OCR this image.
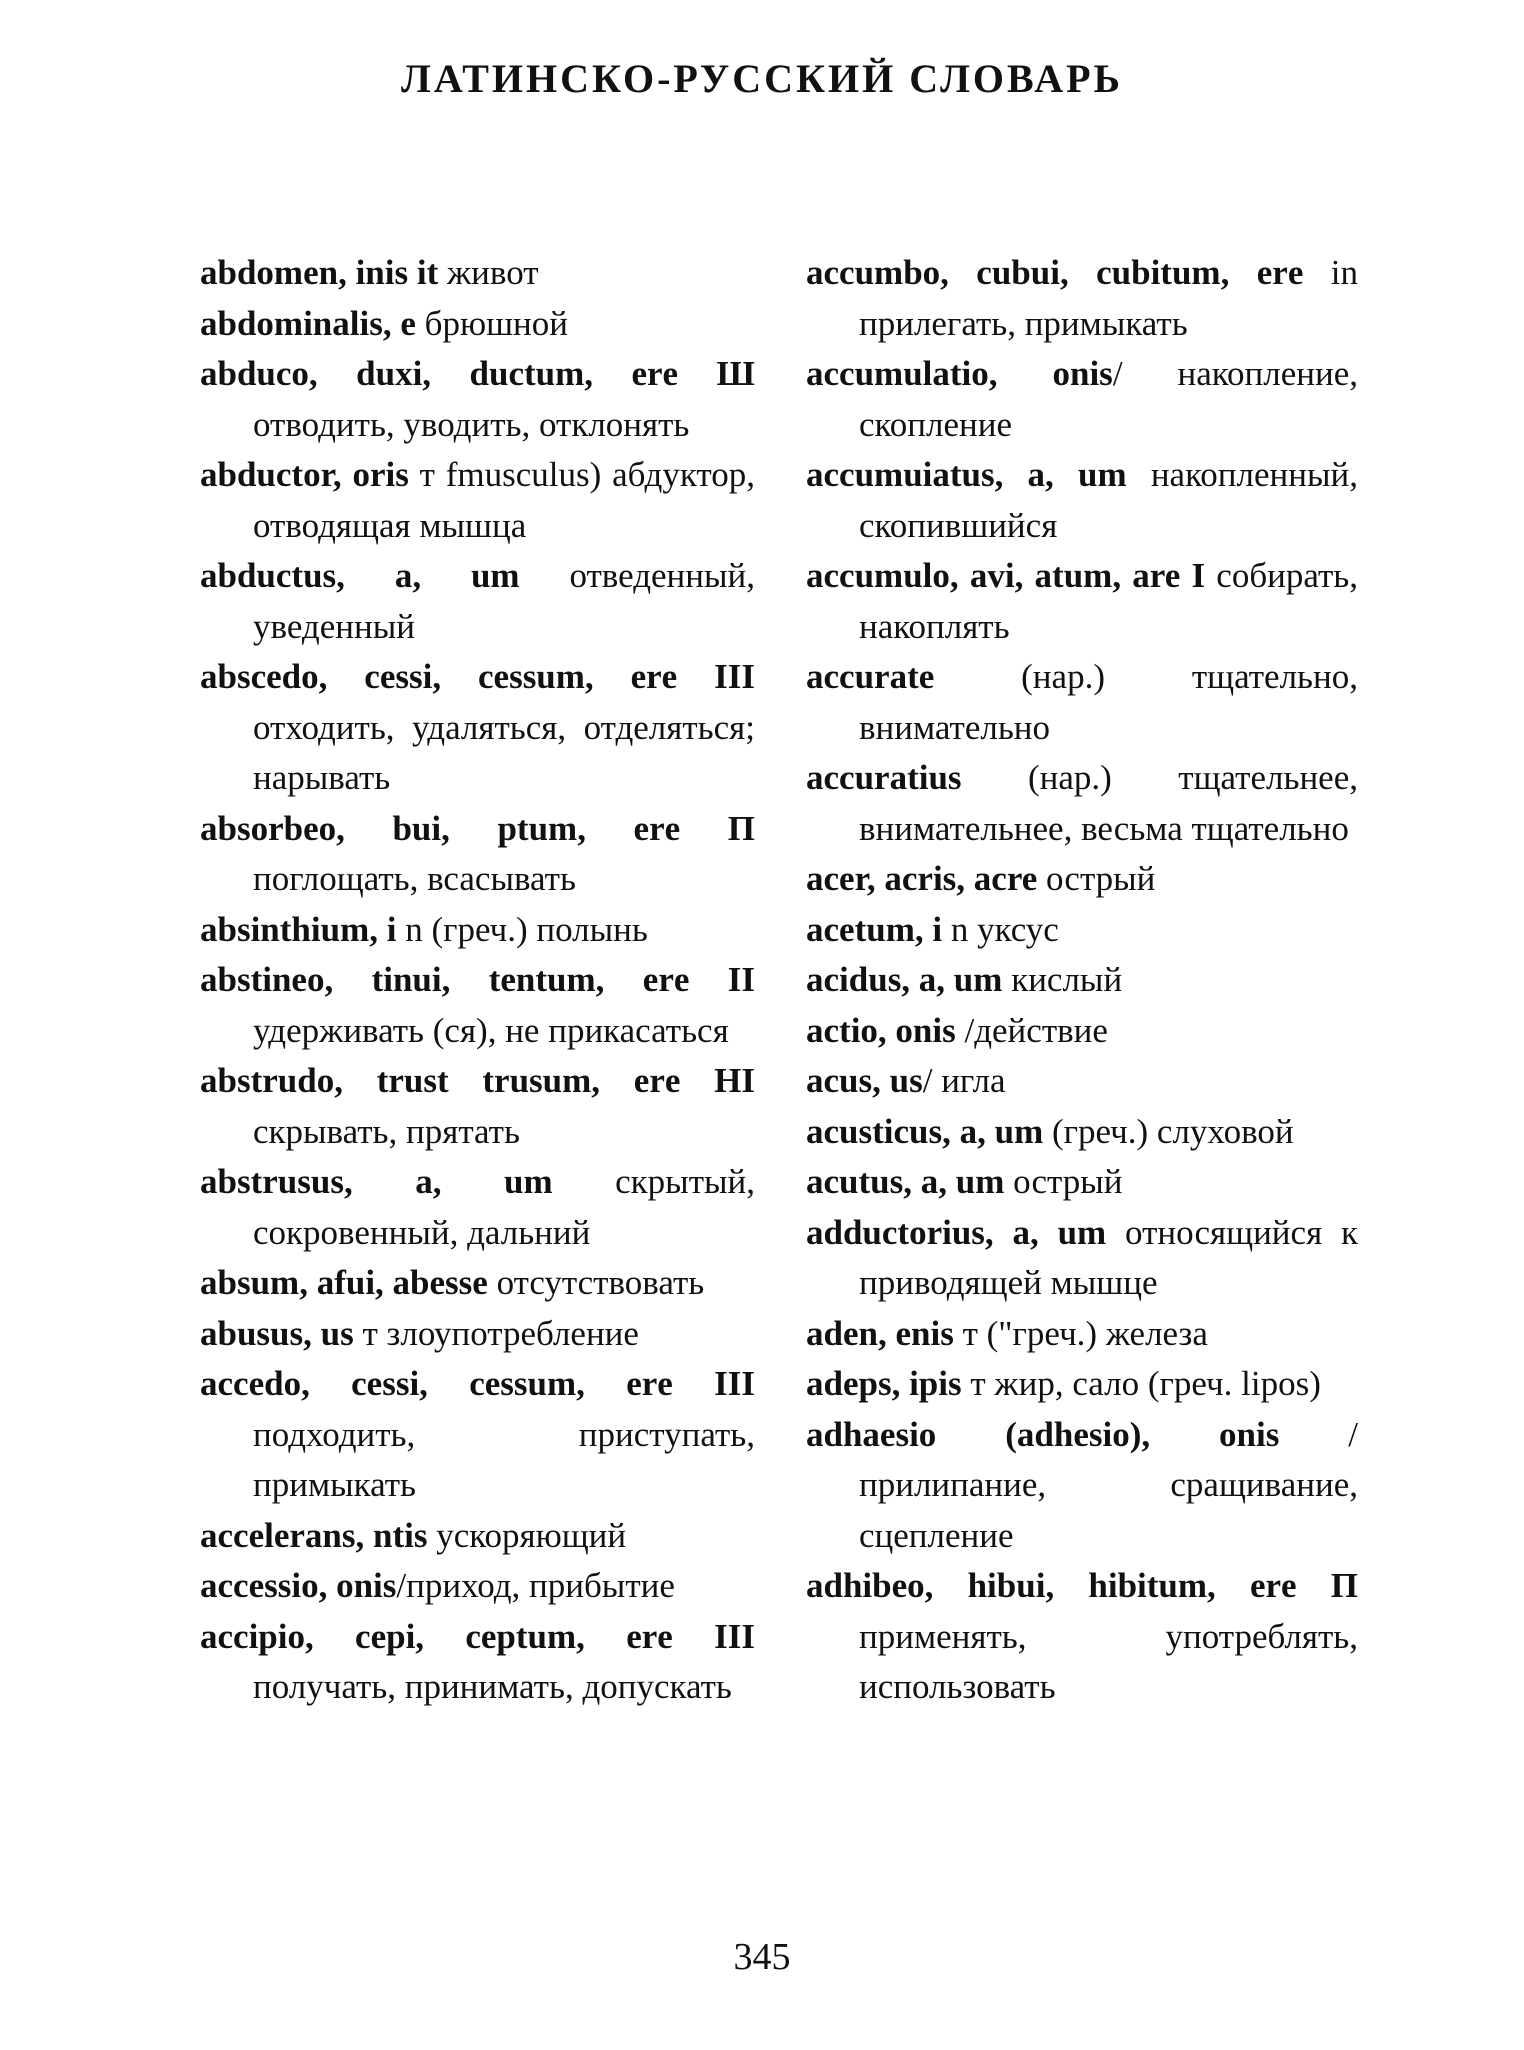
ЛАТИНСКО-РУССКИЙ СЛОВАРЬ
abdomen, inis it живот
abdominalis, е брюшной
abduco, duxi, ductum, еrе Ш отводить, уводить, отклонять
abductor, oris т fmusculus) абдуктор, отводящая мышца
abductus, a, um отведенный, уведенный
abscedo, cessi, cessum, еrе III отходить, удаляться, отделяться; нарывать
absorbeo, bui, ptum, еrе П поглощать, всасывать
absinthium, i n (греч.) полынь
abstineo, tinui, tentum, еrе II удерживать (ся), не прикасаться
abstrudo, trust trusum, еrе HI скрывать, прятать
abstrusus, a, um скрытый, сокровенный, дальний
absum, afui, abesse отсутствовать
abusus, us т злоупотребление
accedo, cessi, cessum, еrе III подходить, приступать, примыкать
accelerans, ntis ускоряющий
accessio, onis/приход, прибытие
accipio, cepi, ceptum, еrе III получать, принимать, допускать
accumbo, cubui, cubitum, еrе in прилегать, примыкать
accumulatio, onis/ накопление, скопление
accumuiatus, a, um накопленный, скопившийся
accumulo, avi, atum, are I собирать, накоплять
accurate (нар.) тщательно, внимательно
accuratius (нар.) тщательнее, внимательнее, весьма тщательно
acer, acris, acre острый
acetum, i n уксус
acidus, a, um кислый
actio, onis /действие
acus, us/ игла
acusticus, a, um (греч.) слуховой
acutus, a, um острый
adductorius, a, um относящийся к приводящей мышце
aden, enis т ("греч.) железа
adeps, ipis т жир, сало (греч. lipos)
adhaesio (adhesio), onis / прилипание, сращивание, сцепление
adhibeo, hibui, hibitum, еrе П применять, употреблять, использовать
345
